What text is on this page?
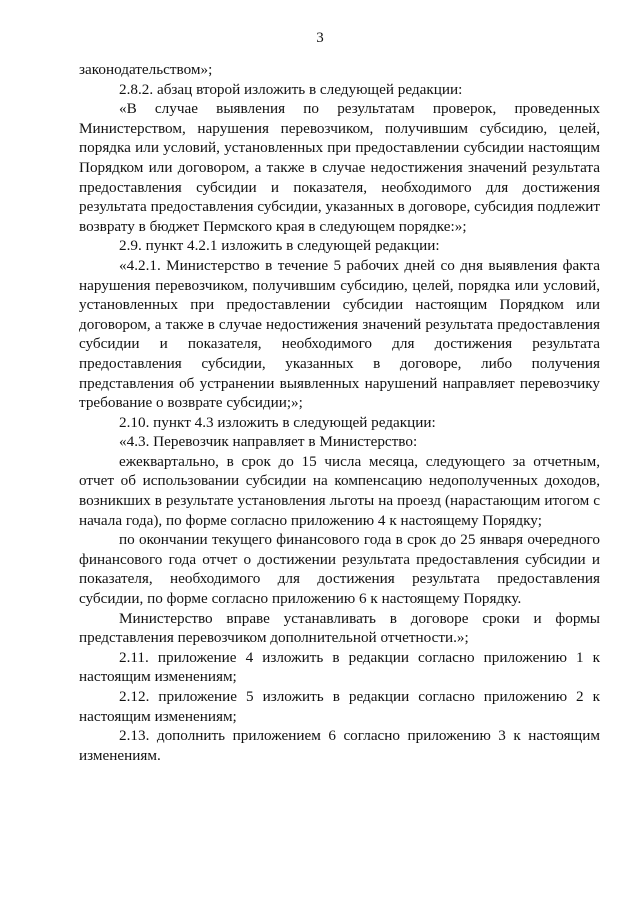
3

законодательством»;

2.8.2. абзац второй изложить в следующей редакции:

«В случае выявления по результатам проверок, проведенных Министерством, нарушения перевозчиком, получившим субсидию, целей, порядка или условий, установленных при предоставлении субсидии настоящим Порядком или договором, а также в случае недостижения значений результата предоставления субсидии и показателя, необходимого для достижения результата предоставления субсидии, указанных в договоре, субсидия подлежит возврату в бюджет Пермского края в следующем порядке:»;

2.9. пункт 4.2.1 изложить в следующей редакции:

«4.2.1. Министерство в течение 5 рабочих дней со дня выявления факта нарушения перевозчиком, получившим субсидию, целей, порядка или условий, установленных при предоставлении субсидии настоящим Порядком или договором, а также в случае недостижения значений результата предоставления субсидии и показателя, необходимого для достижения результата предоставления субсидии, указанных в договоре, либо получения представления об устранении выявленных нарушений направляет перевозчику требование о возврате субсидии;»;

2.10. пункт 4.3 изложить в следующей редакции:

«4.3. Перевозчик направляет в Министерство:

ежеквартально, в срок до 15 числа месяца, следующего за отчетным, отчет об использовании субсидии на компенсацию недополученных доходов, возникших в результате установления льготы на проезд (нарастающим итогом с начала года), по форме согласно приложению 4 к настоящему Порядку;

по окончании текущего финансового года в срок до 25 января очередного финансового года отчет о достижении результата предоставления субсидии и показателя, необходимого для достижения результата предоставления субсидии, по форме согласно приложению 6 к настоящему Порядку.

Министерство вправе устанавливать в договоре сроки и формы представления перевозчиком дополнительной отчетности.»;

2.11. приложение 4 изложить в редакции согласно приложению 1 к настоящим изменениям;

2.12. приложение 5 изложить в редакции согласно приложению 2 к настоящим изменениям;

2.13. дополнить приложением 6 согласно приложению 3 к настоящим изменениям.
